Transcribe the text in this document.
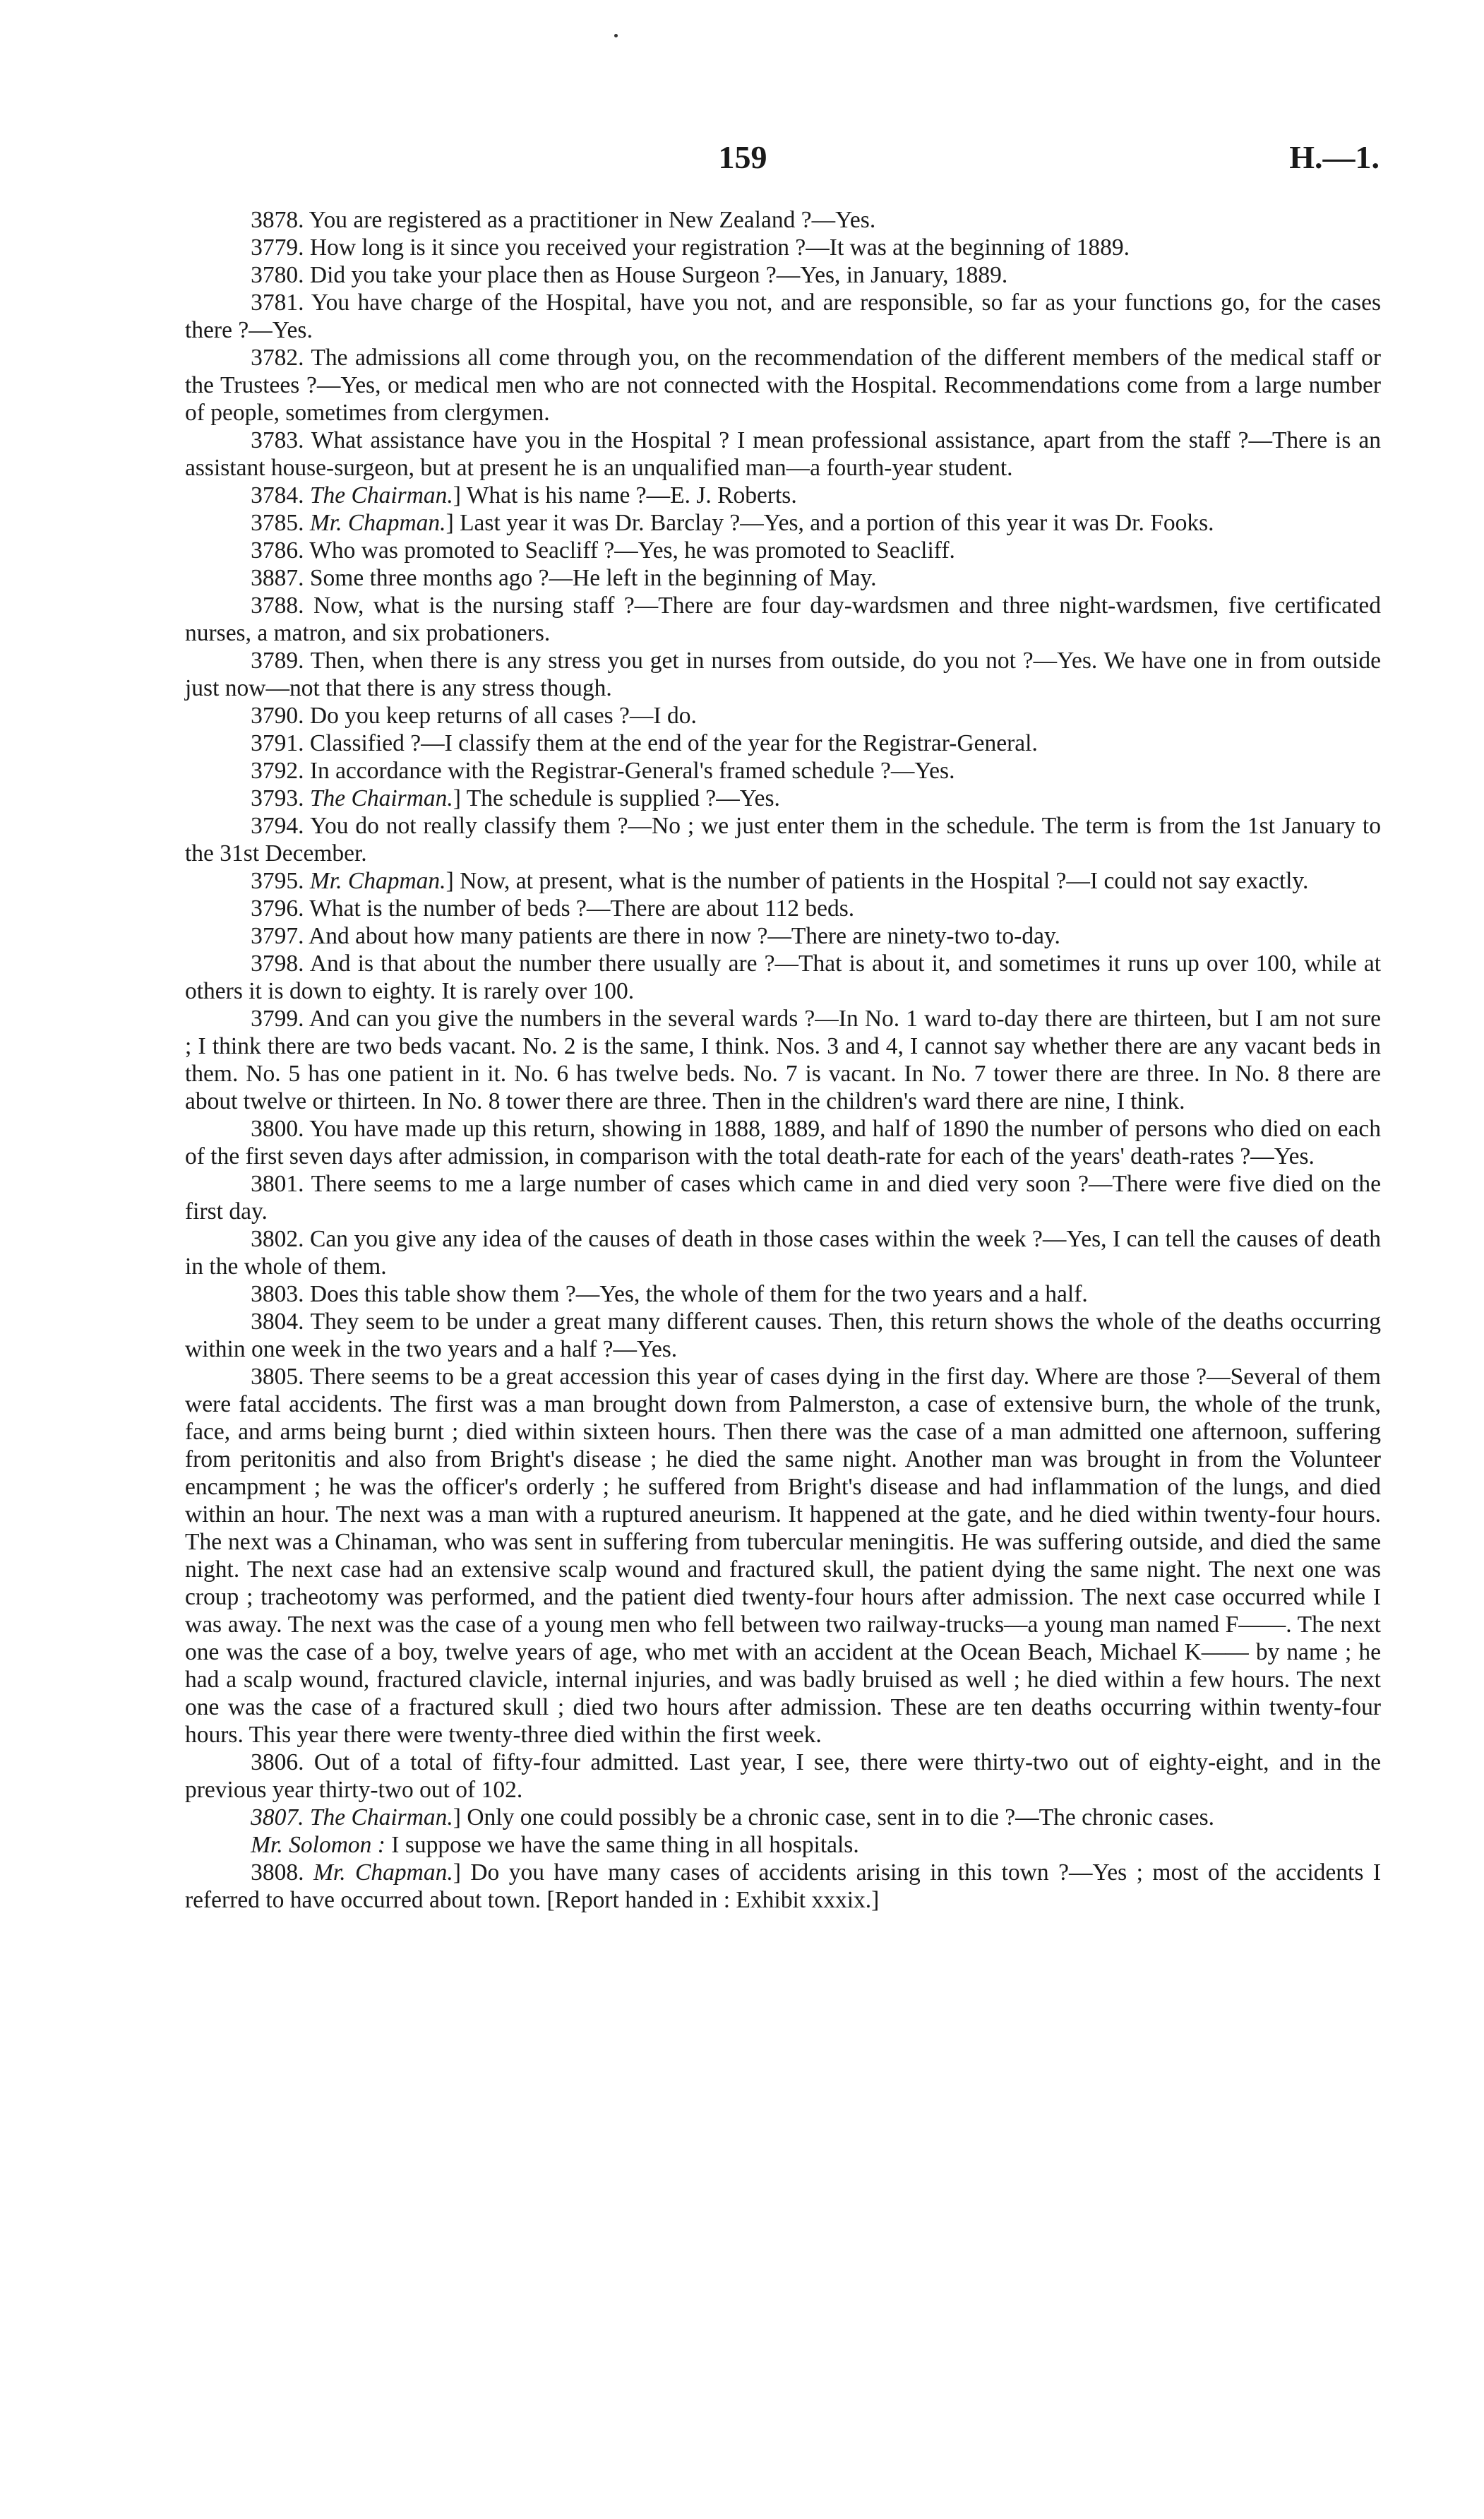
159	H.—1.

3878. You are registered as a practitioner in New Zealand ?—Yes.

3779. How long is it since you received your registration ?—It was at the beginning of 1889.

3780. Did you take your place then as House Surgeon ?—Yes, in January, 1889.

3781. You have charge of the Hospital, have you not, and are responsible, so far as your functions go, for the cases there ?—Yes.

3782. The admissions all come through you, on the recommendation of the different members of the medical staff or the Trustees ?—Yes, or medical men who are not connected with the Hospital. Recommendations come from a large number of people, sometimes from clergymen.

3783. What assistance have you in the Hospital ? I mean professional assistance, apart from the staff ?—There is an assistant house-surgeon, but at present he is an unqualified man—a fourth-year student.

3784. The Chairman.] What is his name ?—E. J. Roberts.

3785. Mr. Chapman.] Last year it was Dr. Barclay ?—Yes, and a portion of this year it was Dr. Fooks.

3786. Who was promoted to Seacliff ?—Yes, he was promoted to Seacliff.

3887. Some three months ago ?—He left in the beginning of May.

3788. Now, what is the nursing staff ?—There are four day-wardsmen and three night-wardsmen, five certificated nurses, a matron, and six probationers.

3789. Then, when there is any stress you get in nurses from outside, do you not ?—Yes. We have one in from outside just now—not that there is any stress though.

3790. Do you keep returns of all cases ?—I do.

3791. Classified ?—I classify them at the end of the year for the Registrar-General.

3792. In accordance with the Registrar-General's framed schedule ?—Yes.

3793. The Chairman.] The schedule is supplied ?—Yes.

3794. You do not really classify them ?—No ; we just enter them in the schedule. The term is from the 1st January to the 31st December.

3795. Mr. Chapman.] Now, at present, what is the number of patients in the Hospital ?—I could not say exactly.

3796. What is the number of beds ?—There are about 112 beds.

3797. And about how many patients are there in now ?—There are ninety-two to-day.

3798. And is that about the number there usually are ?—That is about it, and sometimes it runs up over 100, while at others it is down to eighty. It is rarely over 100.

3799. And can you give the numbers in the several wards ?—In No. 1 ward to-day there are thirteen, but I am not sure ; I think there are two beds vacant. No. 2 is the same, I think. Nos. 3 and 4, I cannot say whether there are any vacant beds in them. No. 5 has one patient in it. No. 6 has twelve beds. No. 7 is vacant. In No. 7 tower there are three. In No. 8 there are about twelve or thirteen. In No. 8 tower there are three. Then in the children's ward there are nine, I think.

3800. You have made up this return, showing in 1888, 1889, and half of 1890 the number of persons who died on each of the first seven days after admission, in comparison with the total death-rate for each of the years' death-rates ?—Yes.

3801. There seems to me a large number of cases which came in and died very soon ?—There were five died on the first day.

3802. Can you give any idea of the causes of death in those cases within the week ?—Yes, I can tell the causes of death in the whole of them.

3803. Does this table show them ?—Yes, the whole of them for the two years and a half.

3804. They seem to be under a great many different causes. Then, this return shows the whole of the deaths occurring within one week in the two years and a half ?—Yes.

3805. There seems to be a great accession this year of cases dying in the first day. Where are those ?—Several of them were fatal accidents. The first was a man brought down from Palmerston, a case of extensive burn, the whole of the trunk, face, and arms being burnt ; died within sixteen hours. Then there was the case of a man admitted one afternoon, suffering from peritonitis and also from Bright's disease ; he died the same night. Another man was brought in from the Volunteer encampment ; he was the officer's orderly ; he suffered from Bright's disease and had inflammation of the lungs, and died within an hour. The next was a man with a ruptured aneurism. It happened at the gate, and he died within twenty-four hours. The next was a Chinaman, who was sent in suffering from tubercular meningitis. He was suffering outside, and died the same night. The next case had an extensive scalp wound and fractured skull, the patient dying the same night. The next one was croup ; tracheotomy was performed, and the patient died twenty-four hours after admission. The next case occurred while I was away. The next was the case of a young men who fell between two railway-trucks—a young man named F——. The next one was the case of a boy, twelve years of age, who met with an accident at the Ocean Beach, Michael K—— by name ; he had a scalp wound, fractured clavicle, internal injuries, and was badly bruised as well ; he died within a few hours. The next one was the case of a fractured skull ; died two hours after admission. These are ten deaths occurring within twenty-four hours. This year there were twenty-three died within the first week.

3806. Out of a total of fifty-four admitted. Last year, I see, there were thirty-two out of eighty-eight, and in the previous year thirty-two out of 102.

3807. The Chairman.] Only one could possibly be a chronic case, sent in to die ?—The chronic cases.

Mr. Solomon : I suppose we have the same thing in all hospitals.

3808. Mr. Chapman.] Do you have many cases of accidents arising in this town ?—Yes ; most of the accidents I referred to have occurred about town. [Report handed in : Exhibit xxxix.]
